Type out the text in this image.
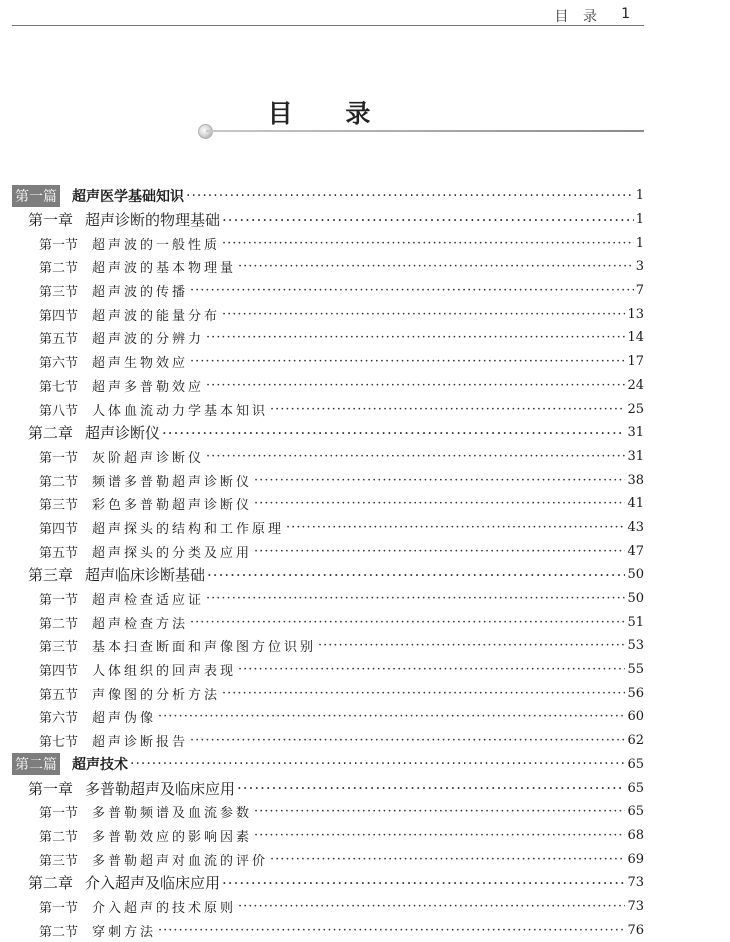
目 录 1
目 录
第一篇 超声医学基础知识 ·····	1
第一章 超声诊断的物理基础 ·····	1
第一节 超声波的一般性质 ·····	1
第二节 超声波的基本物理量 ·····	3
第三节 超声波的传播 ·····	7
第四节 超声波的能量分布 ·····	13
第五节 超声波的分辨力 ·····	14
第六节 超声生物效应 ·····	17
第七节 超声多普勒效应 ·····	24
第八节 人体血流动力学基本知识 ·····	25
第二章 超声诊断仪 ·····	31
第一节 灰阶超声诊断仪 ·····	31
第二节 频谱多普勒超声诊断仪 ·····	38
第三节 彩色多普勒超声诊断仪 ·····	41
第四节 超声探头的结构和工作原理 ·····	43
第五节 超声探头的分类及应用 ·····	47
第三章 超声临床诊断基础 ·····	50
第一节 超声检查适应证 ·····	50
第二节 超声检查方法 ·····	51
第三节 基本扫查断面和声像图方位识别 ·····	53
第四节 人体组织的回声表现 ·····	55
第五节 声像图的分析方法 ·····	56
第六节 超声伪像 ·····	60
第七节 超声诊断报告 ·····	62
第二篇 超声技术 ·····	65
第一章 多普勒超声及临床应用 ·····	65
第一节 多普勒频谱及血流参数 ·····	65
第二节 多普勒效应的影响因素 ·····	68
第三节 多普勒超声对血流的评价 ·····	69
第二章 介入超声及临床应用 ·····	73
第一节 介入超声的技术原则 ·····	73
第二节 穿刺方法 ·····	76
